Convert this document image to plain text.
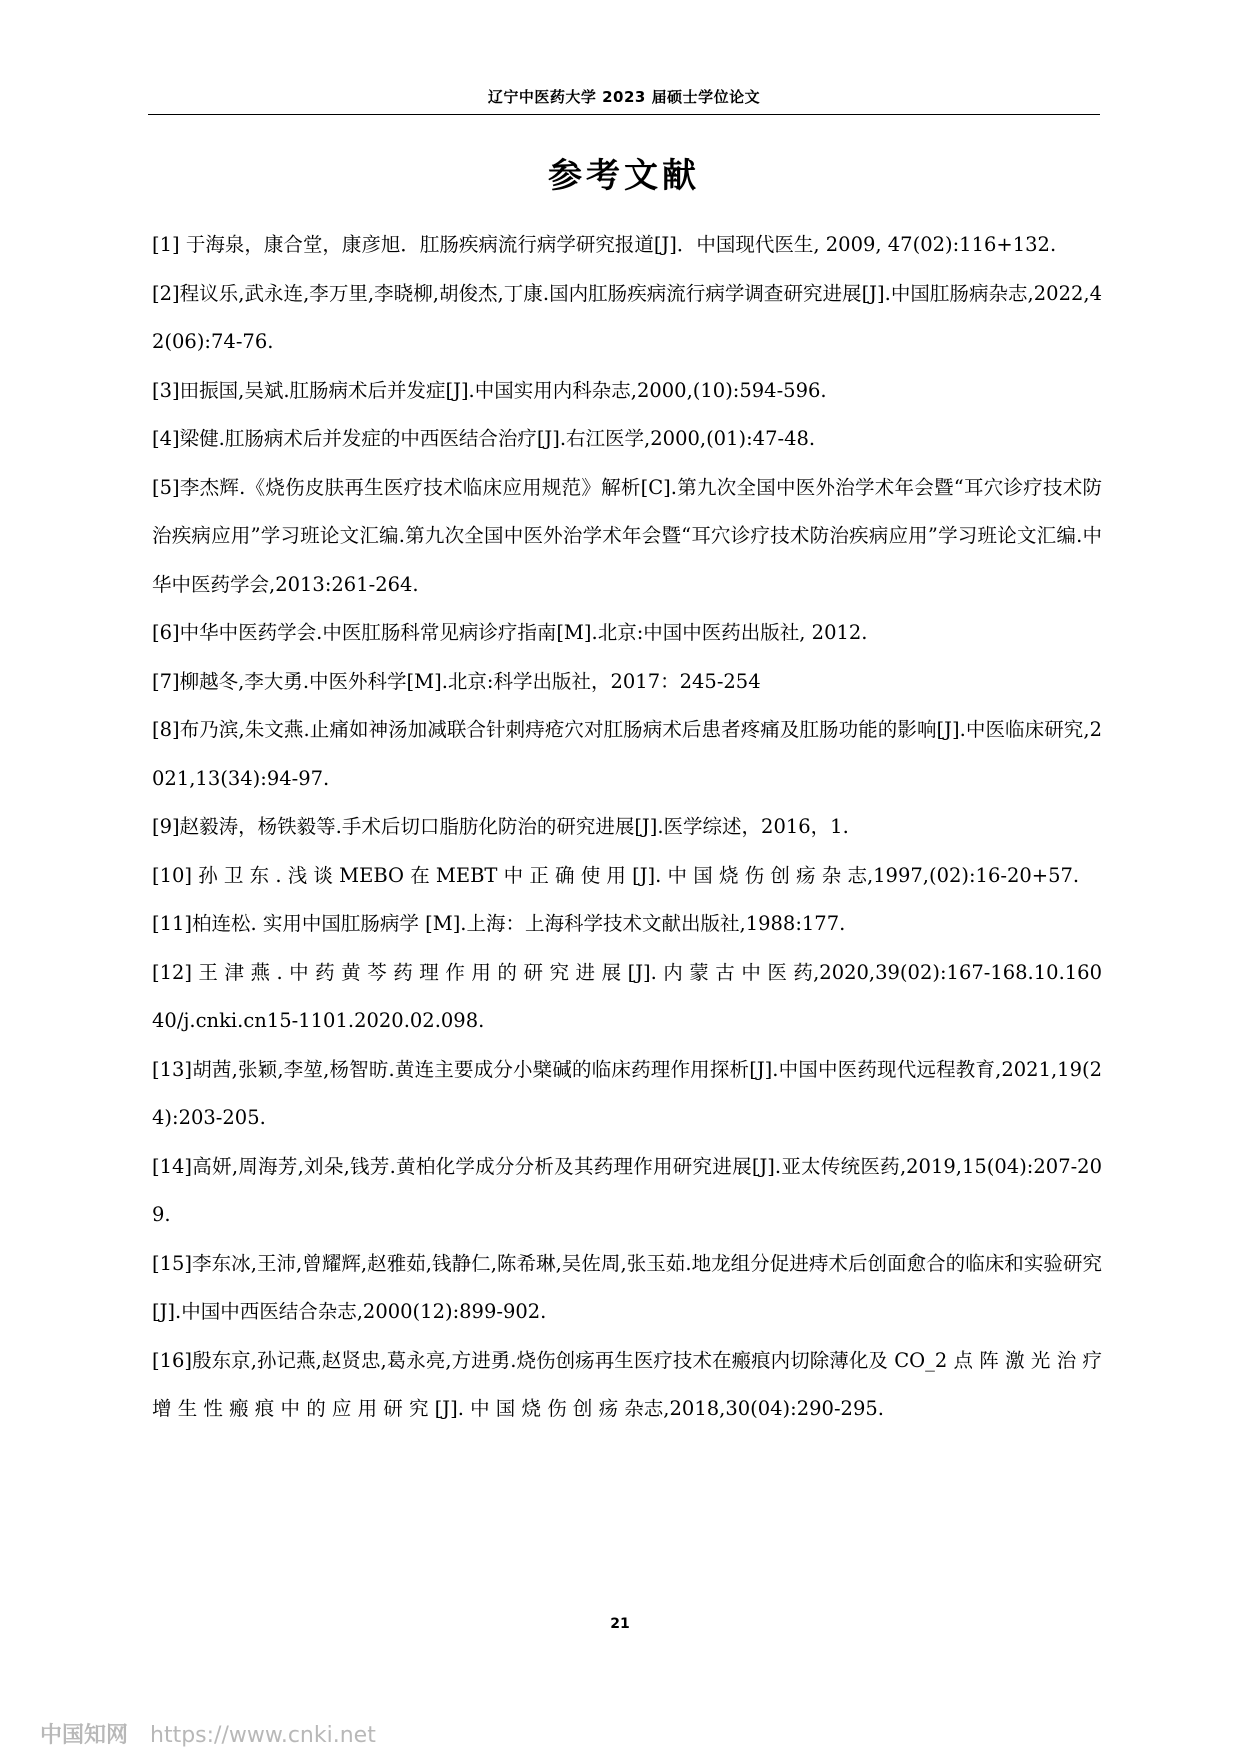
辽宁中医药大学 2023 届硕士学位论文
参考文献
[1] 于海泉，康合堂，康彦旭．肛肠疾病流行病学研究报道[J]．中国现代医生, 2009, 47(02):116+132.
[2]程议乐,武永连,李万里,李晓柳,胡俊杰,丁康.国内肛肠疾病流行病学调查研究进展[J].中国肛肠病杂志,2022,42(06):74-76.
[3]田振国,吴斌.肛肠病术后并发症[J].中国实用内科杂志,2000,(10):594-596.
[4]梁健.肛肠病术后并发症的中西医结合治疗[J].右江医学,2000,(01):47-48.
[5]李杰辉.《烧伤皮肤再生医疗技术临床应用规范》解析[C].第九次全国中医外治学术年会暨“耳穴诊疗技术防治疾病应用”学习班论文汇编.第九次全国中医外治学术年会暨“耳穴诊疗技术防治疾病应用”学习班论文汇编.中华中医药学会,2013:261-264.
[6]中华中医药学会.中医肛肠科常见病诊疗指南[M].北京:中国中医药出版社, 2012.
[7]柳越冬,李大勇.中医外科学[M].北京:科学出版社，2017：245-254
[8]布乃滨,朱文燕.止痛如神汤加减联合针刺痔疮穴对肛肠病术后患者疼痛及肛肠功能的影响[J].中医临床研究,2021,13(34):94-97.
[9]赵毅涛，杨铁毅等.手术后切口脂肪化防治的研究进展[J].医学综述，2016，1.
[10] 孙 卫 东 . 浅 谈 MEBO 在 MEBT 中 正 确 使 用 [J]. 中 国 烧 伤 创 疡 杂 志,1997,(02):16-20+57.
[11]柏连松. 实用中国肛肠病学 [M].上海：上海科学技术文献出版社,1988:177.
[12] 王 津 燕 . 中 药 黄 芩 药 理 作 用 的 研 究 进 展 [J]. 内 蒙 古 中 医 药,2020,39(02):167-168.10.16040/j.cnki.cn15-1101.2020.02.098.
[13]胡茜,张颖,李堃,杨智昉.黄连主要成分小檗碱的临床药理作用探析[J].中国中医药现代远程教育,2021,19(24):203-205.
[14]高妍,周海芳,刘朵,钱芳.黄柏化学成分分析及其药理作用研究进展[J].亚太传统医药,2019,15(04):207-209.
[15]李东冰,王沛,曾耀辉,赵雅茹,钱静仁,陈希琳,吴佐周,张玉茹.地龙组分促进痔术后创面愈合的临床和实验研究[J].中国中西医结合杂志,2000(12):899-902.
[16]殷东京,孙记燕,赵贤忠,葛永亮,方进勇.烧伤创疡再生医疗技术在瘢痕内切除薄化及 CO_2 点 阵 激 光 治 疗 增 生 性 瘢 痕 中 的 应 用 研 究 [J]. 中 国 烧 伤 创 疡 杂志,2018,30(04):290-295.
21
中国知网 https://www.cnki.net
